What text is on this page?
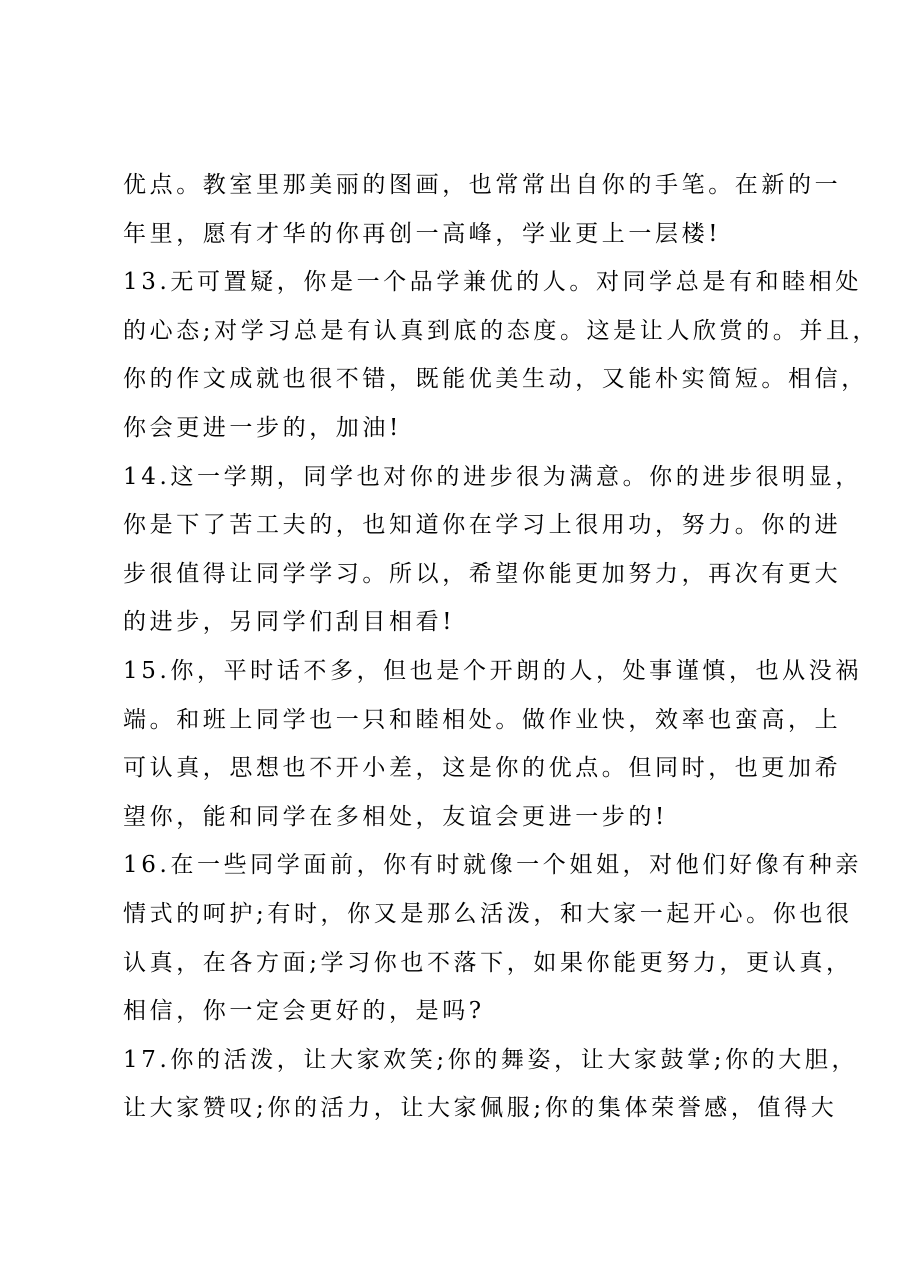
优点。教室里那美丽的图画，也常常出自你的手笔。在新的一
年里，愿有才华的你再创一高峰，学业更上一层楼!
13.无可置疑，你是一个品学兼优的人。对同学总是有和睦相处
的心态;对学习总是有认真到底的态度。这是让人欣赏的。并且，
你的作文成就也很不错，既能优美生动，又能朴实简短。相信，
你会更进一步的，加油!
14.这一学期，同学也对你的进步很为满意。你的进步很明显，
你是下了苦工夫的，也知道你在学习上很用功，努力。你的进
步很值得让同学学习。所以，希望你能更加努力，再次有更大
的进步，另同学们刮目相看!
15.你，平时话不多，但也是个开朗的人，处事谨慎，也从没祸
端。和班上同学也一只和睦相处。做作业快，效率也蛮高，上
可认真，思想也不开小差，这是你的优点。但同时，也更加希
望你，能和同学在多相处，友谊会更进一步的!
16.在一些同学面前，你有时就像一个姐姐，对他们好像有种亲
情式的呵护;有时，你又是那么活泼，和大家一起开心。你也很
认真，在各方面;学习你也不落下，如果你能更努力，更认真，
相信，你一定会更好的，是吗?
17.你的活泼，让大家欢笑;你的舞姿，让大家鼓掌;你的大胆，
让大家赞叹;你的活力，让大家佩服;你的集体荣誉感，值得大
